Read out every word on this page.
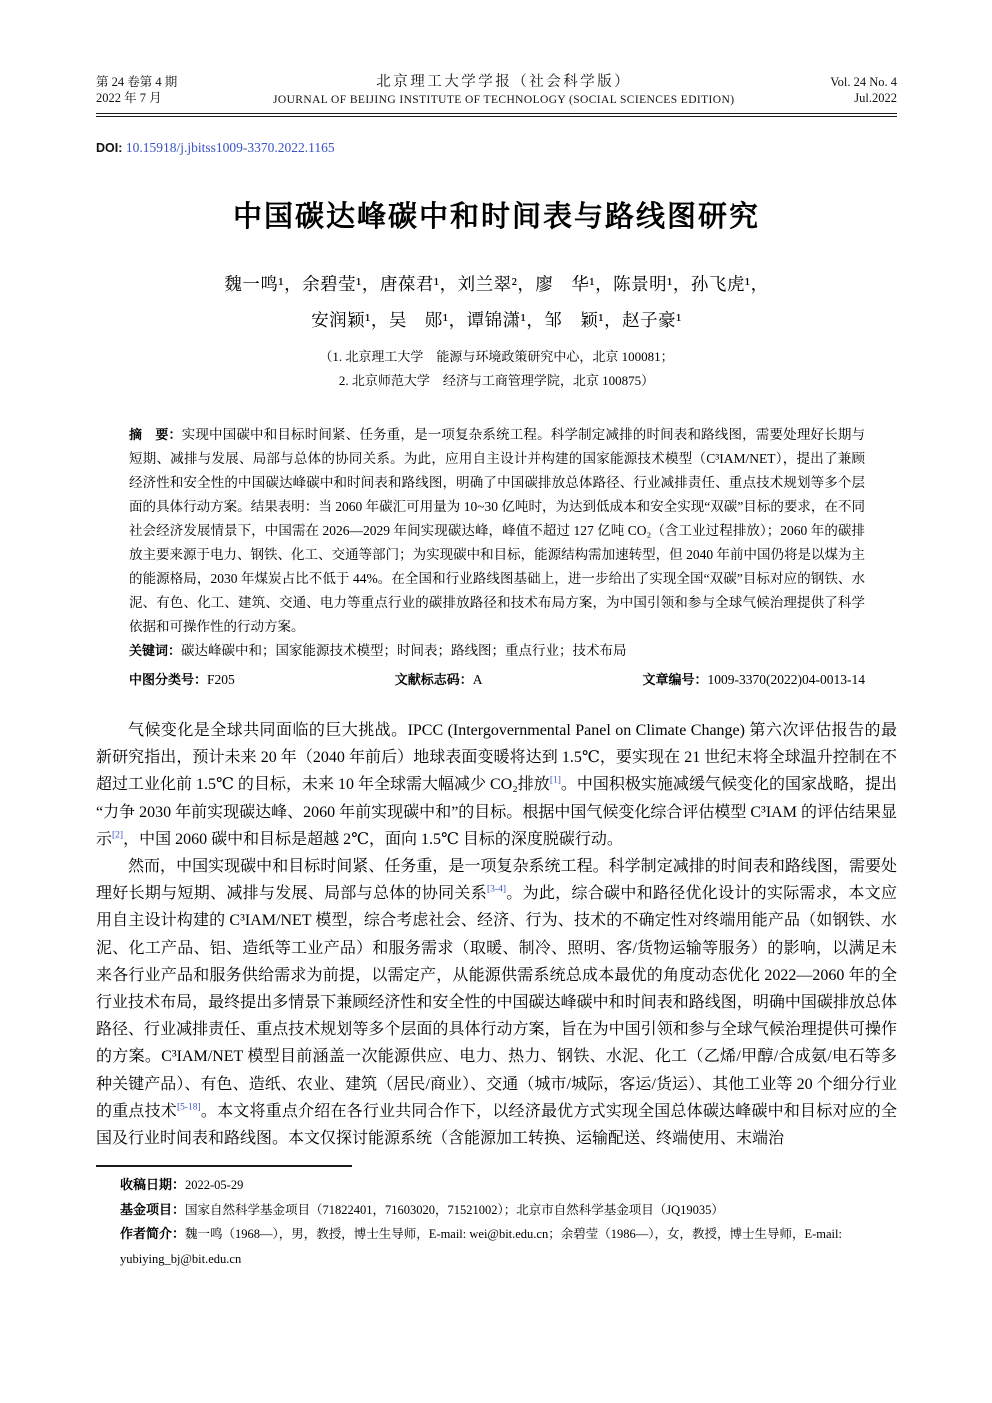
第 24 卷第 4 期
2022 年 7 月
北京理工大学学报（社会科学版）
JOURNAL OF BEIJING INSTITUTE OF TECHNOLOGY (SOCIAL SCIENCES EDITION)
Vol. 24 No. 4
Jul.2022
DOI: 10.15918/j.jbitss1009-3370.2022.1165
中国碳达峰碳中和时间表与路线图研究
魏一鸣¹，余碧莹¹，唐葆君¹，刘兰翠²，廖　华¹，陈景明¹，孙飞虎¹，
安润颖¹，吴　郧¹，谭锦潇¹，邹　颖¹，赵子豪¹
（1. 北京理工大学　能源与环境政策研究中心，北京 100081；
2. 北京师范大学　经济与工商管理学院，北京 100875）

摘　要：实现中国碳中和目标时间紧、任务重，是一项复杂系统工程。科学制定减排的时间表和路线图，需要处理好长期与短期、减排与发展、局部与总体的协同关系。为此，应用自主设计并构建的国家能源技术模型（C³IAM/NET），提出了兼顾经济性和安全性的中国碳达峰碳中和时间表和路线图，明确了中国碳排放总体路径、行业减排责任、重点技术规划等多个层面的具体行动方案。结果表明：当 2060 年碳汇可用量为 10~30 亿吨时，为达到低成本和安全实现“双碳”目标的要求，在不同社会经济发展情景下，中国需在 2026—2029 年间实现碳达峰，峰值不超过 127 亿吨 CO₂（含工业过程排放）；2060 年的碳排放主要来源于电力、钢铁、化工、交通等部门；为实现碳中和目标，能源结构需加速转型，但 2040 年前中国仍将是以煤为主的能源格局，2030 年煤炭占比不低于 44%。在全国和行业路线图基础上，进一步给出了实现全国“双碳”目标对应的钢铁、水泥、有色、化工、建筑、交通、电力等重点行业的碳排放路径和技术布局方案，为中国引领和参与全球气候治理提供了科学依据和可操作性的行动方案。

关键词：碳达峰碳中和；国家能源技术模型；时间表；路线图；重点行业；技术布局

中图分类号：F205	文献标志码：A	文章编号：1009-3370(2022)04-0013-14

气候变化是全球共同面临的巨大挑战。IPCC (Intergovernmental Panel on Climate Change) 第六次评估报告的最新研究指出，预计未来 20 年（2040 年前后）地球表面变暖将达到 1.5℃，要实现在 21 世纪末将全球温升控制在不超过工业化前 1.5℃ 的目标，未来 10 年全球需大幅减少 CO₂排放[1]。中国积极实施减缓气候变化的国家战略，提出“力争 2030 年前实现碳达峰、2060 年前实现碳中和”的目标。根据中国气候变化综合评估模型 C³IAM 的评估结果显示[2]，中国 2060 碳中和目标是超越 2℃，面向 1.5℃ 目标的深度脱碳行动。

然而，中国实现碳中和目标时间紧、任务重，是一项复杂系统工程。科学制定减排的时间表和路线图，需要处理好长期与短期、减排与发展、局部与总体的协同关系[3-4]。为此，综合碳中和路径优化设计的实际需求，本文应用自主设计构建的 C³IAM/NET 模型，综合考虑社会、经济、行为、技术的不确定性对终端用能产品（如钢铁、水泥、化工产品、铝、造纸等工业产品）和服务需求（取暖、制冷、照明、客/货物运输等服务）的影响，以满足未来各行业产品和服务供给需求为前提，以需定产，从能源供需系统总成本最优的角度动态优化 2022—2060 年的全行业技术布局，最终提出多情景下兼顾经济性和安全性的中国碳达峰碳中和时间表和路线图，明确中国碳排放总体路径、行业减排责任、重点技术规划等多个层面的具体行动方案，旨在为中国引领和参与全球气候治理提供可操作的方案。C³IAM/NET 模型目前涵盖一次能源供应、电力、热力、钢铁、水泥、化工（乙烯/甲醇/合成氨/电石等多种关键产品）、有色、造纸、农业、建筑（居民/商业）、交通（城市/城际，客运/货运）、其他工业等 20 个细分行业的重点技术[5-18]。本文将重点介绍在各行业共同合作下，以经济最优方式实现全国总体碳达峰碳中和目标对应的全国及行业时间表和路线图。本文仅探讨能源系统（含能源加工转换、运输配送、终端使用、末端治

收稿日期：2022-05-29

基金项目：国家自然科学基金项目（71822401，71603020，71521002）；北京市自然科学基金项目（JQ19035）

作者简介：魏一鸣（1968—），男，教授，博士生导师，E-mail: wei@bit.edu.cn；余碧莹（1986—），女，教授，博士生导师，E-mail: yubiying_bj@bit.edu.cn
